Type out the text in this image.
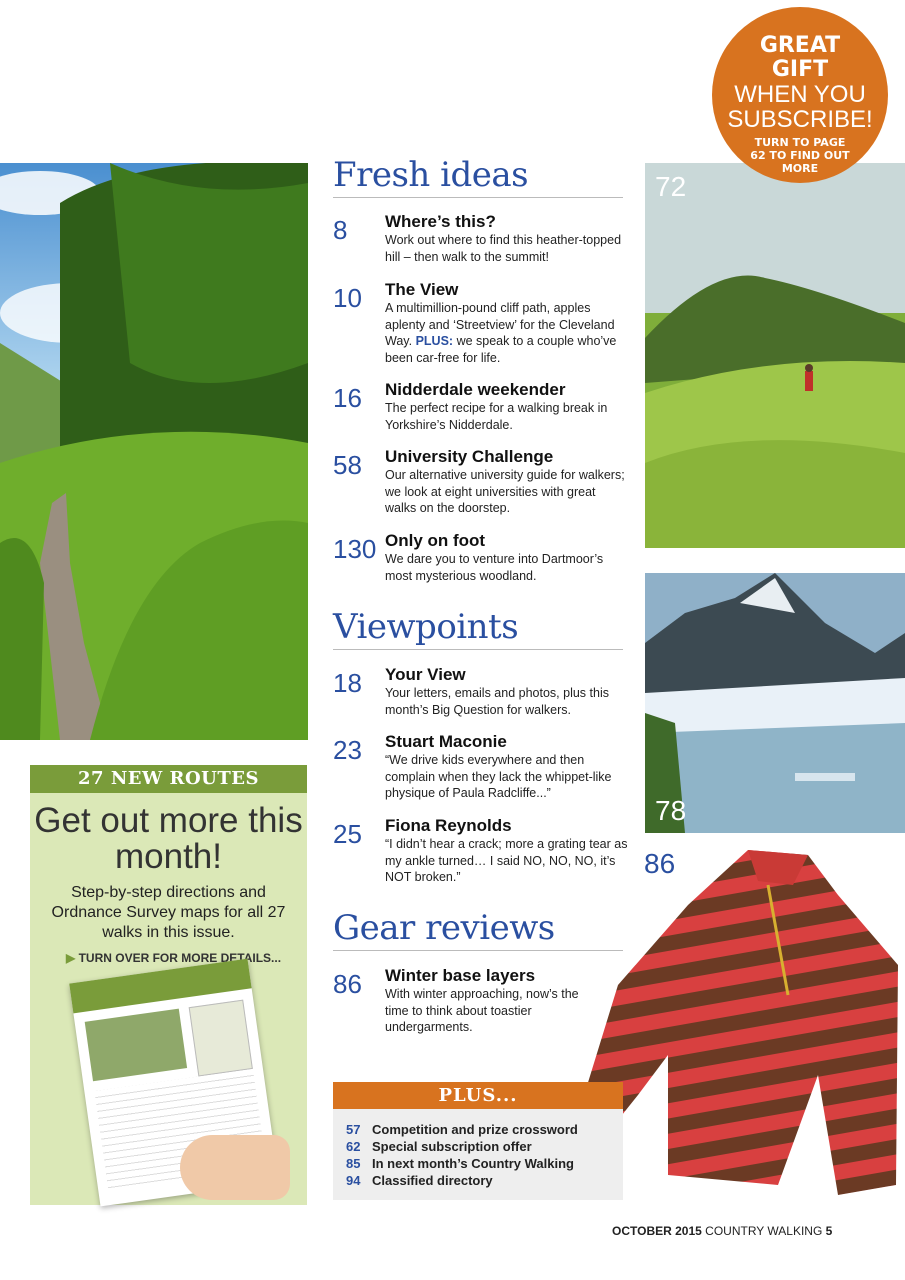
72
78
86
GREAT
GIFT
WHEN YOU
SUBSCRIBE!
TURN TO PAGE 62 TO FIND OUT MORE
Fresh ideas
8 Where’s this?
Work out where to find this heather-topped hill – then walk to the summit!
10 The View
A multimillion-pound cliff path, apples aplenty and ‘Streetview’ for the Cleveland Way. PLUS: we speak to a couple who’ve been car-free for life.
16 Nidderdale weekender
The perfect recipe for a walking break in Yorkshire’s Nidderdale.
58 University Challenge
Our alternative university guide for walkers; we look at eight universities with great walks on the doorstep.
130 Only on foot
We dare you to venture into Dartmoor’s most mysterious woodland.
Viewpoints
18 Your View
Your letters, emails and photos, plus this month’s Big Question for walkers.
23 Stuart Maconie
“We drive kids everywhere and then complain when they lack the whippet-like physique of Paula Radcliffe...”
25 Fiona Reynolds
“I didn’t hear a crack; more a grating tear as my ankle turned… I said NO, NO, NO, it’s NOT broken.”
Gear reviews
86 Winter base layers
With winter approaching, now’s the time to think about toastier undergarments.
27 NEW ROUTES
Get out more this month!
Step-by-step directions and Ordnance Survey maps for all 27 walks in this issue.
▶ TURN OVER FOR MORE DETAILS...
PLUS...
57 Competition and prize crossword
62 Special subscription offer
85 In next month’s Country Walking
94 Classified directory
OCTOBER 2015 COUNTRY WALKING 5
